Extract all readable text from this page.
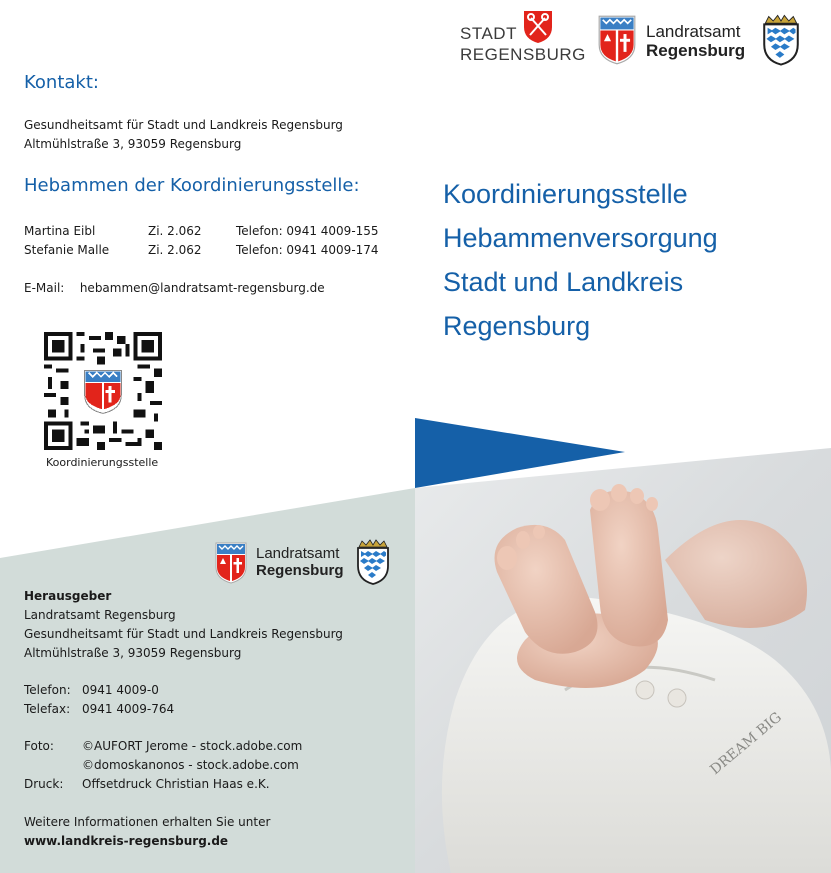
Kontakt:
Gesundheitsamt für Stadt und Landkreis Regensburg
Altmühlstraße 3, 93059 Regensburg
Hebammen der Koordinierungsstelle:
Martina Eibl	Zi. 2.062	Telefon: 0941 4009-155
Stefanie Malle	Zi. 2.062	Telefon: 0941 4009-174
E-Mail: hebammen@landratsamt-regensburg.de
Koordinierungsstelle
Landratsamt
Regensburg
Herausgeber
Landratsamt Regensburg
Gesundheitsamt für Stadt und Landkreis Regensburg
Altmühlstraße 3, 93059 Regensburg
Telefon: 0941 4009-0
Telefax: 0941 4009-764
Foto: ©AUFORT Jerome - stock.adobe.com
©domoskanonos - stock.adobe.com
Druck: Offsetdruck Christian Haas e.K.
Weitere Informationen erhalten Sie unter
www.landkreis-regensburg.de
DREAM BIG
Koordinierungsstelle
Hebammenversorgung
Stadt und Landkreis
Regensburg
STADT
REGENSBURG
Landratsamt
Regensburg
